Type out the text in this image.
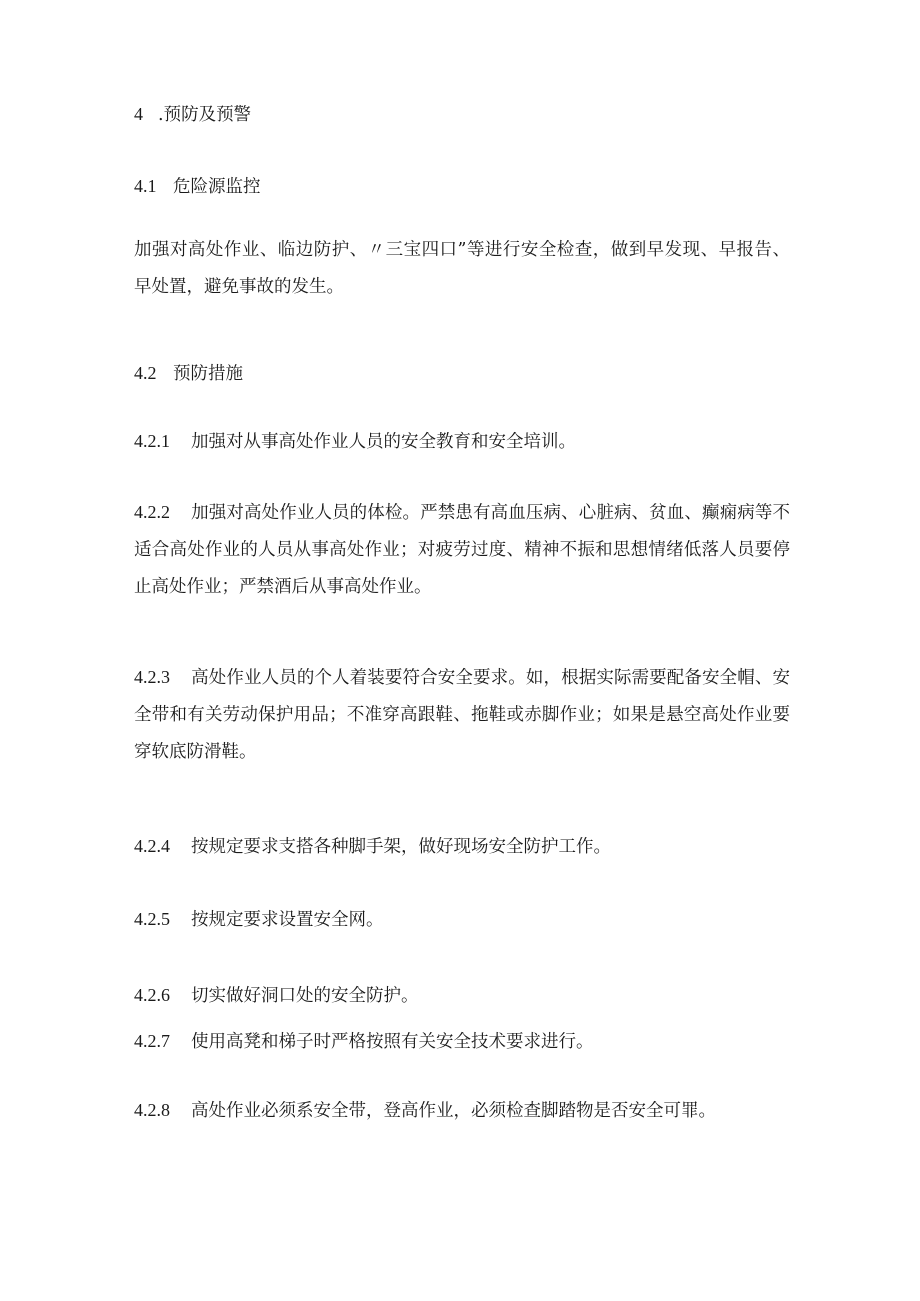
4 .预防及预警
4.1 危险源监控
加强对高处作业、临边防护、〃三宝四口”等进行安全检查，做到早发现、早报告、早处置，避免事故的发生。
4.2 预防措施
4.2.1 加强对从事高处作业人员的安全教育和安全培训。
4.2.2 加强对高处作业人员的体检。严禁患有高血压病、心脏病、贫血、癫痫病等不适合高处作业的人员从事高处作业；对疲劳过度、精神不振和思想情绪低落人员要停止高处作业；严禁酒后从事高处作业。
4.2.3 高处作业人员的个人着装要符合安全要求。如，根据实际需要配备安全帽、安全带和有关劳动保护用品；不准穿高跟鞋、拖鞋或赤脚作业；如果是悬空高处作业要穿软底防滑鞋。
4.2.4 按规定要求支搭各种脚手架，做好现场安全防护工作。
4.2.5 按规定要求设置安全网。
4.2.6 切实做好洞口处的安全防护。
4.2.7 使用高凳和梯子时严格按照有关安全技术要求进行。
4.2.8 高处作业必须系安全带，登高作业，必须检查脚踏物是否安全可罪。
